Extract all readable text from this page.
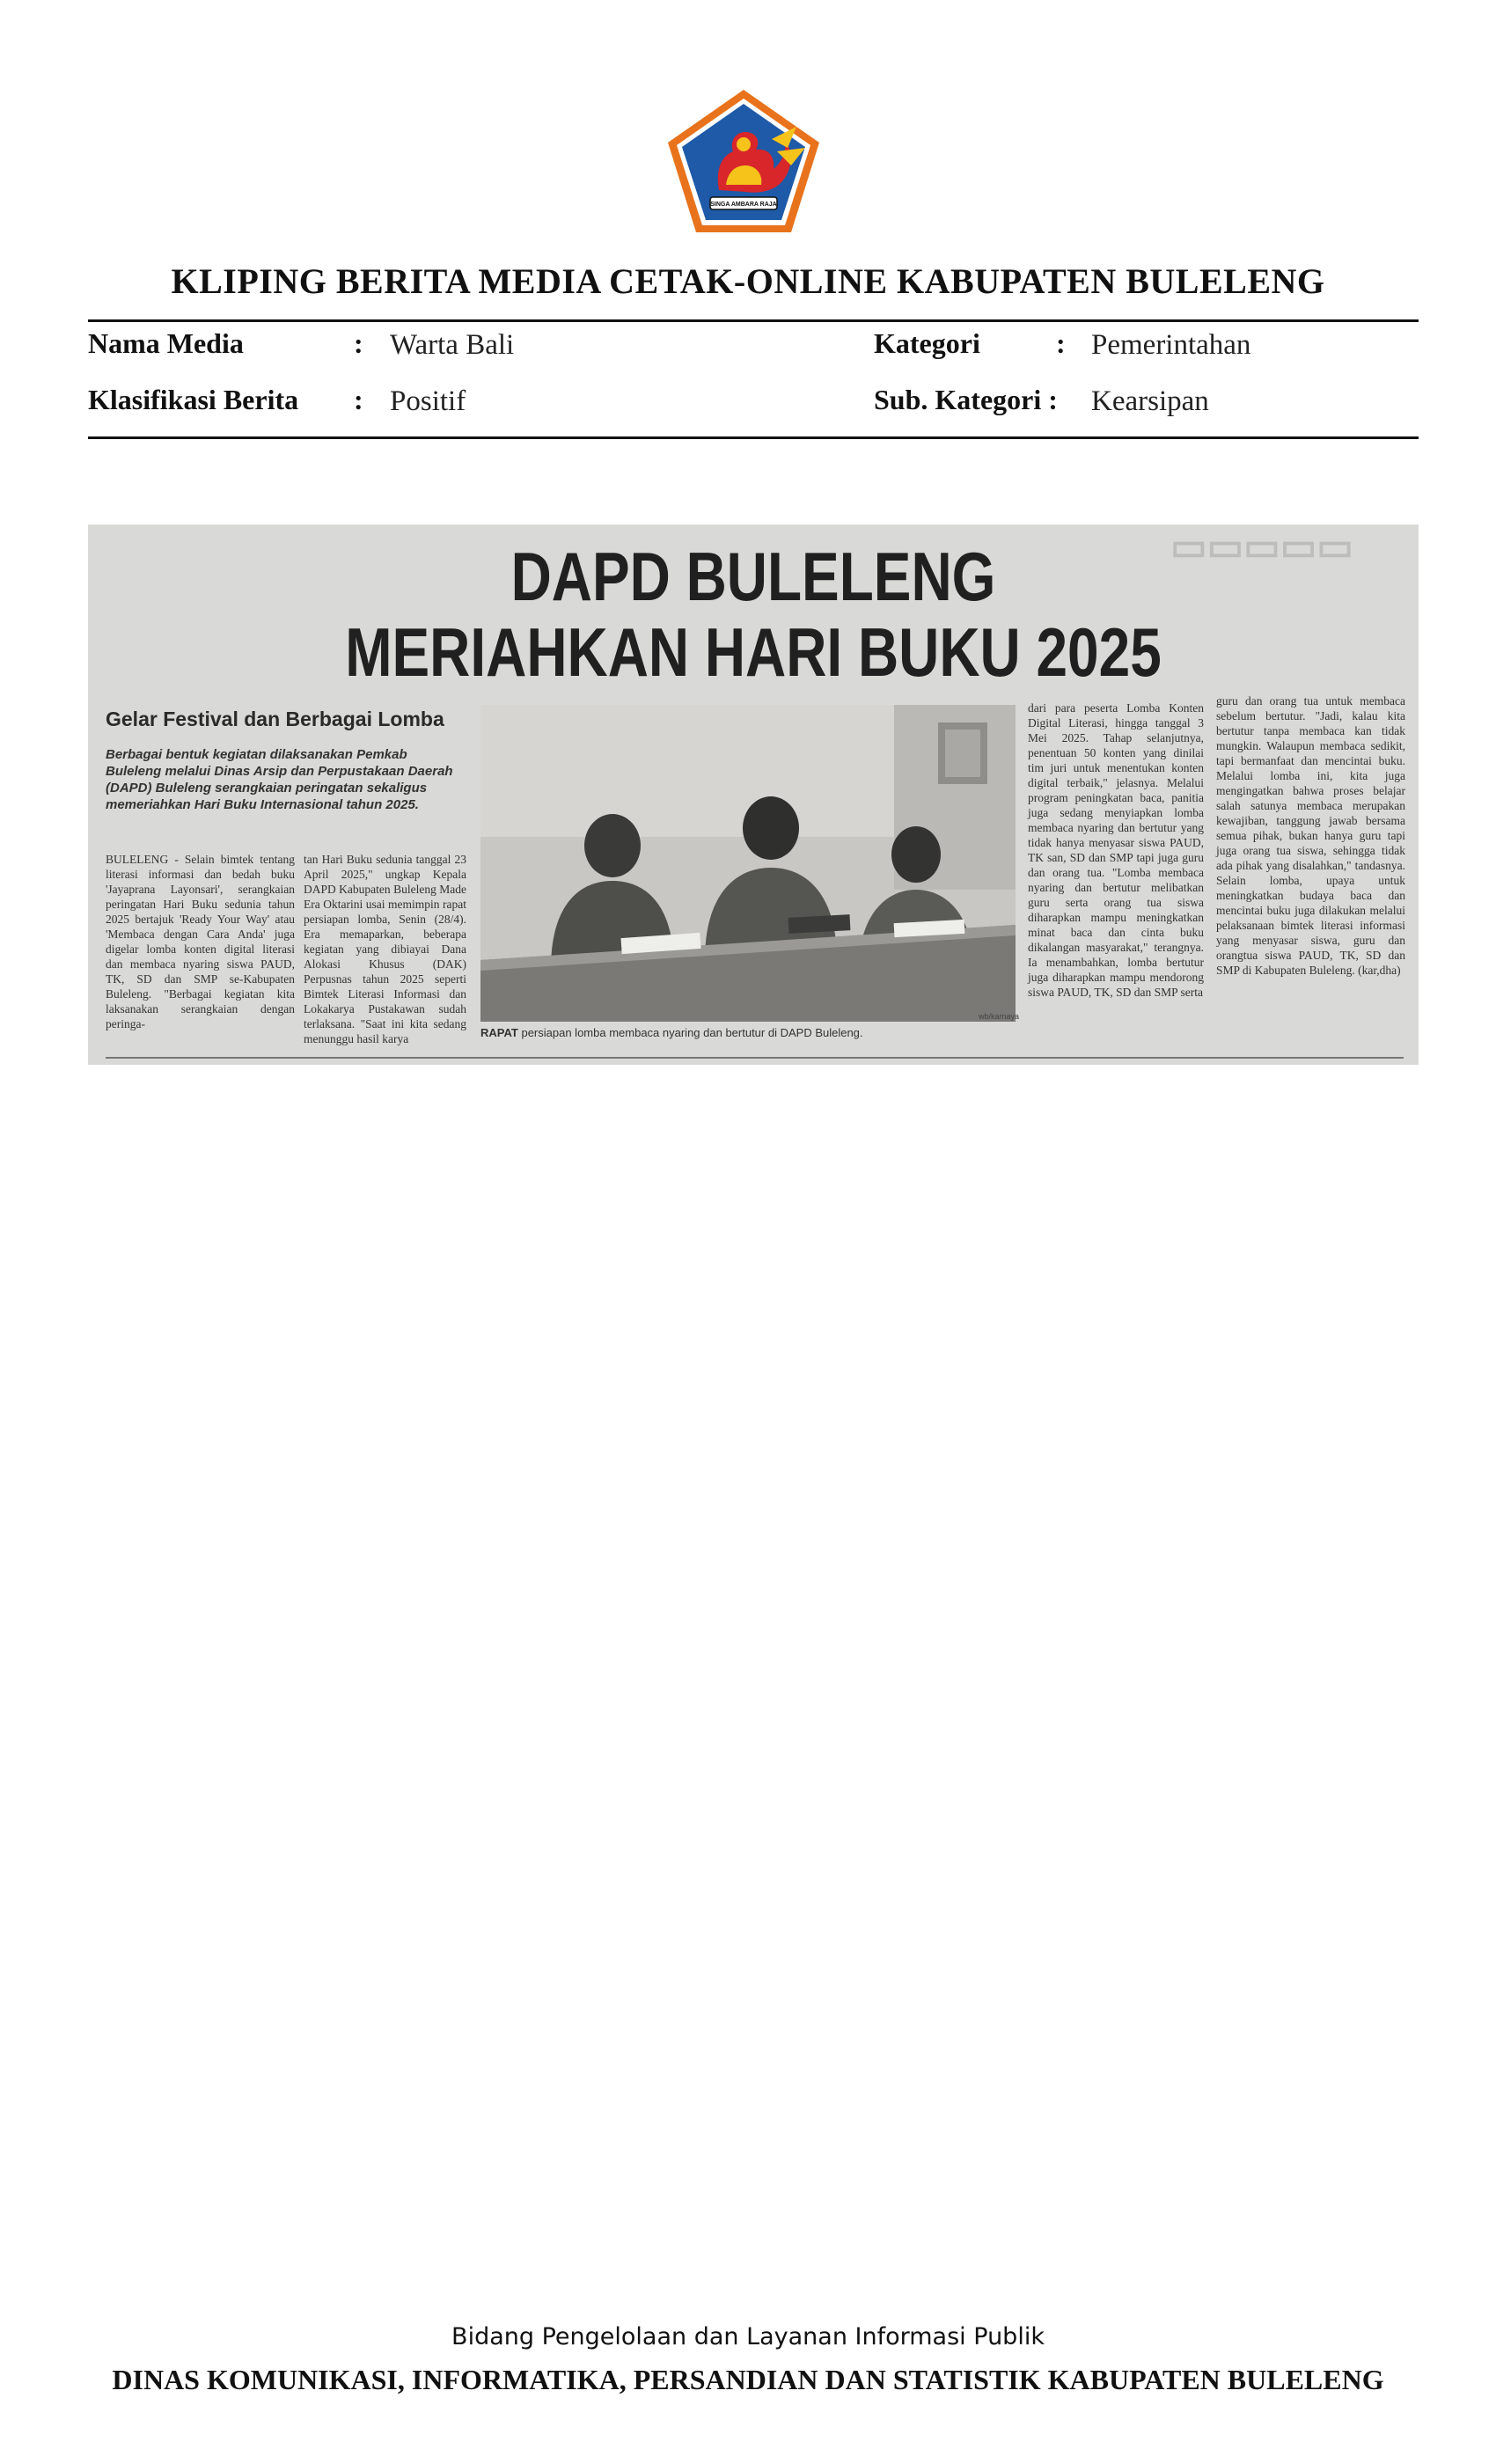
SINGA AMBARA RAJA
KLIPING BERITA MEDIA CETAK-ONLINE KABUPATEN BULELENG
Nama Media	: Warta Bali	Kategori	: Pemerintahan
Klasifikasi Berita : Positif	Sub. Kategori : Kearsipan
▭▭▭▭▭
DAPD BULELENG
MERIAHKAN HARI BUKU 2025
Gelar Festival dan Berbagai Lomba
Berbagai bentuk kegiatan dilaksanakan Pemkab Buleleng melalui Dinas Arsip dan Perpustakaan Daerah (DAPD) Buleleng serangkaian peringatan sekaligus memeriahkan Hari Buku Internasional tahun 2025.
BULELENG - Selain bimtek tentang literasi informasi dan bedah buku 'Jayaprana Layonsari', serangkaian peringatan Hari Buku sedunia tahun 2025 bertajuk 'Ready Your Way' atau 'Membaca dengan Cara Anda' juga digelar lomba konten digital literasi dan membaca nyaring siswa PAUD, TK, SD dan SMP se-Kabupaten Buleleng. "Berbagai kegiatan kita laksanakan serangkaian dengan peringa-
tan Hari Buku sedunia tanggal 23 April 2025," ungkap Kepala DAPD Kabupaten Buleleng Made Era Oktarini usai memimpin rapat persiapan lomba, Senin (28/4). Era memaparkan, beberapa kegiatan yang dibiayai Dana Alokasi Khusus (DAK) Perpusnas tahun 2025 seperti Bimtek Literasi Informasi dan Lokakarya Pustakawan sudah terlaksana. "Saat ini kita sedang menunggu hasil karya
wb/karnaya
RAPAT persiapan lomba membaca nyaring dan bertutur di DAPD Buleleng.
dari para peserta Lomba Konten Digital Literasi, hingga tanggal 3 Mei 2025. Tahap selanjutnya, penentuan 50 konten yang dinilai tim juri untuk menentukan konten digital terbaik," jelasnya. Melalui program peningkatan baca, panitia juga sedang menyiapkan lomba membaca nyaring dan bertutur yang tidak hanya menyasar siswa PAUD, TK san, SD dan SMP tapi juga guru dan orang tua. "Lomba membaca nyaring dan bertutur melibatkan guru serta orang tua siswa diharapkan mampu meningkatkan minat baca dan cinta buku dikalangan masyarakat," terangnya. Ia menambahkan, lomba bertutur juga diharapkan mampu mendorong siswa PAUD, TK, SD dan SMP serta
guru dan orang tua untuk membaca sebelum bertutur. "Jadi, kalau kita bertutur tanpa membaca kan tidak mungkin. Walaupun membaca sedikit, tapi bermanfaat dan mencintai buku. Melalui lomba ini, kita juga mengingatkan bahwa proses belajar salah satunya membaca merupakan kewajiban, tanggung jawab bersama semua pihak, bukan hanya guru tapi juga orang tua siswa, sehingga tidak ada pihak yang disalahkan," tandasnya. Selain lomba, upaya untuk meningkatkan budaya baca dan mencintai buku juga dilakukan melalui pelaksanaan bimtek literasi informasi yang menyasar siswa, guru dan orangtua siswa PAUD, TK, SD dan SMP di Kabupaten Buleleng. (kar,dha)
Bidang Pengelolaan dan Layanan Informasi Publik
DINAS KOMUNIKASI, INFORMATIKA, PERSANDIAN DAN STATISTIK KABUPATEN BULELENG
